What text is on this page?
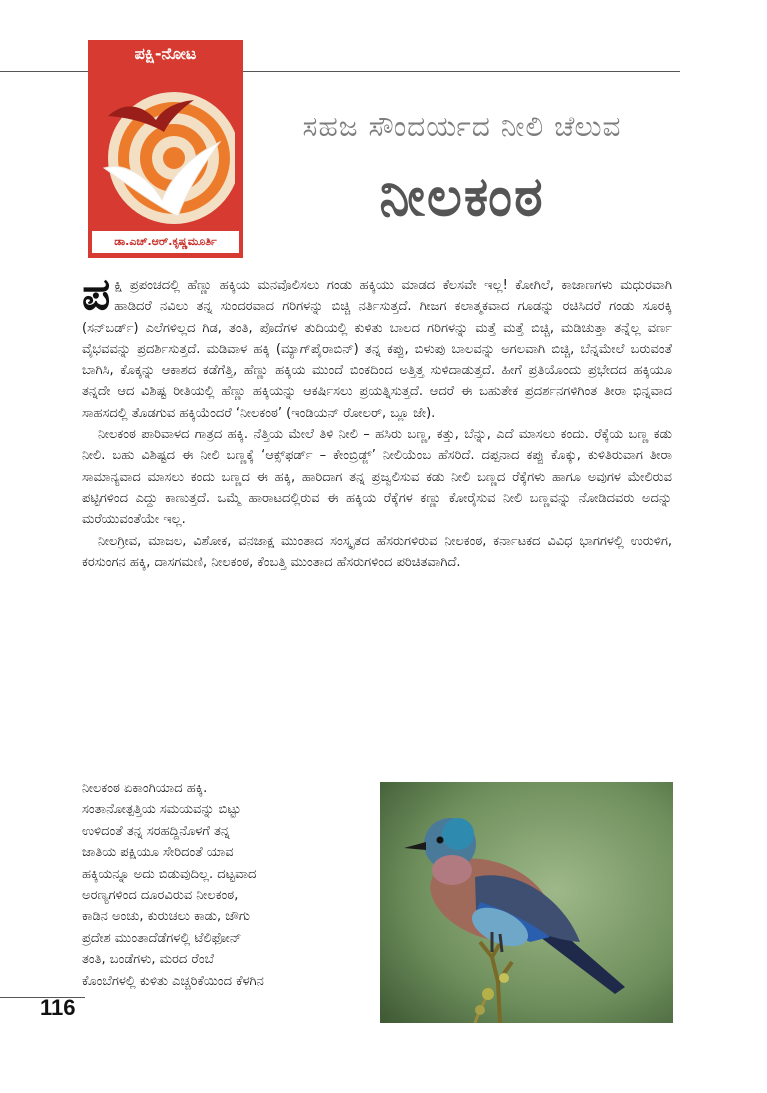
ಪಕ್ಷಿ-ನೋಟ
ಡಾ.ಎಚ್.ಆರ್.ಕೃಷ್ಣಮೂರ್ತಿ
ಸಹಜ ಸೌಂದರ್ಯದ ನೀಲಿ ಚೆಲುವ
ನೀಲಕಂಠ

ಪಕ್ಷಿ ಪ್ರಪಂಚದಲ್ಲಿ ಹೆಣ್ಣು ಹಕ್ಕಿಯ ಮನವೊಲಿಸಲು ಗಂಡು ಹಕ್ಕಿಯು ಮಾಡದ ಕೆಲಸವೇ ಇಲ್ಲ! ಕೋಗಿಲೆ, ಕಾಜಾಣಗಳು ಮಧುರವಾಗಿ ಹಾಡಿದರೆ ನವಿಲು ತನ್ನ ಸುಂದರವಾದ ಗರಿಗಳನ್ನು ಬಿಚ್ಚಿ ನರ್ತಿಸುತ್ತದೆ. ಗೀಜಗ ಕಲಾತ್ಮಕವಾದ ಗೂಡನ್ನು ರಚಿಸಿದರೆ ಗಂಡು ಸೂರಕ್ಕಿ (ಸನ್‌ಬರ್ಡ್) ಎಲೆಗಳಿಲ್ಲದ ಗಿಡ, ತಂತಿ, ಪೊದೆಗಳ ತುದಿಯಲ್ಲಿ ಕುಳಿತು ಬಾಲದ ಗರಿಗಳನ್ನು ಮತ್ತೆ ಮತ್ತೆ ಬಿಚ್ಚಿ, ಮಡಿಚುತ್ತಾ ತನ್ನೆಲ್ಲ ವರ್ಣ ವೈಭವವನ್ನು ಪ್ರದರ್ಶಿಸುತ್ತದೆ. ಮಡಿವಾಳ ಹಕ್ಕಿ (ಮ್ಯಾಗ್‌ಪೈರಾಬಿನ್) ತನ್ನ ಕಪ್ಪು, ಬಿಳುಪು ಬಾಲವನ್ನು ಅಗಲವಾಗಿ ಬಿಚ್ಚಿ, ಬೆನ್ನಮೇಲೆ ಬರುವಂತೆ ಬಾಗಿಸಿ, ಕೊಕ್ಕನ್ನು ಆಕಾಶದ ಕಡೆಗೆತ್ತಿ, ಹೆಣ್ಣು ಹಕ್ಕಿಯ ಮುಂದೆ ಬಿಂಕದಿಂದ ಅತ್ತಿತ್ತ ಸುಳಿದಾಡುತ್ತದೆ. ಹೀಗೆ ಪ್ರತಿಯೊಂದು ಪ್ರಭೇದದ ಹಕ್ಕಿಯೂ ತನ್ನದೇ ಆದ ವಿಶಿಷ್ಟ ರೀತಿಯಲ್ಲಿ ಹೆಣ್ಣು ಹಕ್ಕಿಯನ್ನು ಆಕರ್ಷಿಸಲು ಪ್ರಯತ್ನಿಸುತ್ತದೆ. ಆದರೆ ಈ ಬಹುತೇಕ ಪ್ರದರ್ಶನಗಳಿಗಿಂತ ತೀರಾ ಭಿನ್ನವಾದ ಸಾಹಸದಲ್ಲಿ ತೊಡಗುವ ಹಕ್ಕಿಯೆಂದರೆ ‘ನೀಲಕಂಠ’ (ಇಂಡಿಯನ್ ರೋಲರ್, ಬ್ಲೂ ಜೇ).

ನೀಲಕಂಠ ಪಾರಿವಾಳದ ಗಾತ್ರದ ಹಕ್ಕಿ. ನೆತ್ತಿಯ ಮೇಲೆ ತಿಳಿ ನೀಲಿ – ಹಸಿರು ಬಣ್ಣ, ಕತ್ತು, ಬೆನ್ನು, ಎದೆ ಮಾಸಲು ಕಂದು. ರೆಕ್ಕೆಯ ಬಣ್ಣ ಕಡು ನೀಲಿ. ಬಹು ವಿಶಿಷ್ಟದ ಈ ನೀಲಿ ಬಣ್ಣಕ್ಕೆ ‘ಆಕ್ಸ್‌ಫರ್ಡ್ – ಕೇಂಬ್ರಿಡ್ಜ್’ ನೀಲಿಯೆಂಬ ಹೆಸರಿದೆ. ದಪ್ಪನಾದ ಕಪ್ಪು ಕೊಕ್ಕು, ಕುಳಿತಿರುವಾಗ ತೀರಾ ಸಾಮಾನ್ಯವಾದ ಮಾಸಲು ಕಂದು ಬಣ್ಣದ ಈ ಹಕ್ಕಿ, ಹಾರಿದಾಗ ತನ್ನ ಪ್ರಜ್ವಲಿಸುವ ಕಡು ನೀಲಿ ಬಣ್ಣದ ರೆಕ್ಕೆಗಳು ಹಾಗೂ ಅವುಗಳ ಮೇಲಿರುವ ಪಟ್ಟಿಗಳಿಂದ ಎದ್ದು ಕಾಣುತ್ತದೆ. ಒಮ್ಮೆ ಹಾರಾಟದಲ್ಲಿರುವ ಈ ಹಕ್ಕಿಯ ರೆಕ್ಕೆಗಳ ಕಣ್ಣು ಕೋರೈಸುವ ನೀಲಿ ಬಣ್ಣವನ್ನು ನೋಡಿದವರು ಅದನ್ನು ಮರೆಯುವಂತೆಯೇ ಇಲ್ಲ.

ನೀಲಗ್ರೀವ, ಮಾಜಲ, ವಿಶೋಕ, ವನಜಾಕ್ಷ ಮುಂತಾದ ಸಂಸ್ಕೃತದ ಹೆಸರುಗಳಿರುವ ನೀಲಕಂಠ, ಕರ್ನಾಟಕದ ವಿವಿಧ ಭಾಗಗಳಲ್ಲಿ ಉರುಳಿಗ, ಕರಸುಂಗನ ಹಕ್ಕಿ, ದಾಸಗಮಣಿ, ನೀಲಕಂಠ, ಕೆಂಬತ್ತಿ ಮುಂತಾದ ಹೆಸರುಗಳಿಂದ ಪರಿಚಿತವಾಗಿದೆ.

ನೀಲಕಂಠ ಏಕಾಂಗಿಯಾದ ಹಕ್ಕಿ.
ಸಂತಾನೋತ್ಪತ್ತಿಯ ಸಮಯವನ್ನು ಬಿಟ್ಟು
ಉಳಿದಂತೆ ತನ್ನ ಸರಹದ್ದಿನೊಳಗೆ ತನ್ನ
ಜಾತಿಯ ಪಕ್ಷಿಯೂ ಸೇರಿದಂತೆ ಯಾವ
ಹಕ್ಕಿಯನ್ನೂ ಅದು ಬಿಡುವುದಿಲ್ಲ. ದಟ್ಟವಾದ
ಅರಣ್ಯಗಳಿಂದ ದೂರವಿರುವ ನೀಲಕಂಠ,
ಕಾಡಿನ ಅಂಚು, ಕುರುಚಲು ಕಾಡು, ಜೌಗು
ಪ್ರದೇಶ ಮುಂತಾದೆಡೆಗಳಲ್ಲಿ ಟೆಲಿಫೋನ್
ತಂತಿ, ಬಂಡೆಗಳು, ಮರದ ರೆಂಬೆ
ಕೊಂಬೆಗಳಲ್ಲಿ ಕುಳಿತು ಎಚ್ಚರಿಕೆಯಿಂದ ಕೆಳಗಿನ
116
